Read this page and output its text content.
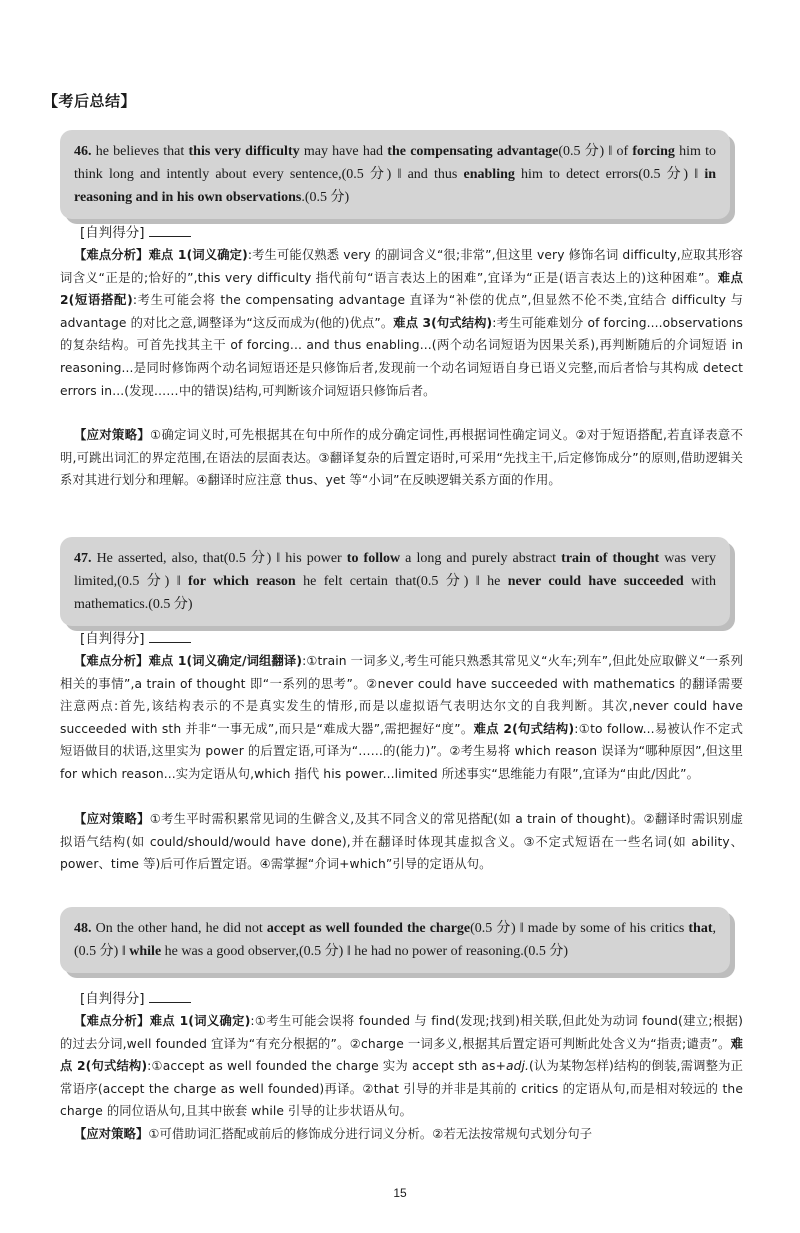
【考后总结】
46. he believes that this very difficulty may have had the compensating advantage(0.5 分) ‖ of forcing him to think long and intently about every sentence,(0.5 分) ‖ and thus enabling him to detect errors(0.5 分) ‖ in reasoning and in his own observations.(0.5 分)
[自判得分]
【难点分析】难点 1(词义确定):考生可能仅熟悉 very 的副词含义“很;非常”,但这里 very 修饰名词 difficulty,应取其形容词含义“正是的;恰好的”,this very difficulty 指代前句“语言表达上的困难”,宜译为“正是(语言表达上的)这种困难”。难点 2(短语搭配):考生可能会将 the compensating advantage 直译为“补偿的优点”,但显然不伦不类,宜结合 difficulty 与 advantage 的对比之意,调整译为“这反而成为(他的)优点”。难点 3(句式结构):考生可能难划分 of forcing....observations 的复杂结构。可首先找其主干 of forcing... and thus enabling...(两个动名词短语为因果关系),再判断随后的介词短语 in reasoning...是同时修饰两个动名词短语还是只修饰后者,发现前一个动名词短语自身已语义完整,而后者恰与其构成 detect errors in...(发现……中的错误)结构,可判断该介词短语只修饰后者。
【应对策略】①确定词义时,可先根据其在句中所作的成分确定词性,再根据词性确定词义。②对于短语搭配,若直译表意不明,可跳出词汇的界定范围,在语法的层面表达。③翻译复杂的后置定语时,可采用“先找主干,后定修饰成分”的原则,借助逻辑关系对其进行划分和理解。④翻译时应注意 thus、yet 等“小词”在反映逻辑关系方面的作用。
47. He asserted, also, that(0.5 分) ‖ his power to follow a long and purely abstract train of thought was very limited,(0.5 分) ‖ for which reason he felt certain that(0.5 分) ‖ he never could have succeeded with mathematics.(0.5 分)
[自判得分]
【难点分析】难点 1(词义确定/词组翻译):①train 一词多义,考生可能只熟悉其常见义“火车;列车”,但此处应取僻义“一系列相关的事情”,a train of thought 即“一系列的思考”。②never could have succeeded with mathematics 的翻译需要注意两点:首先,该结构表示的不是真实发生的情形,而是以虚拟语气表明达尔文的自我判断。其次,never could have succeeded with sth 并非“一事无成”,而只是“难成大器”,需把握好“度”。难点 2(句式结构):①to follow...易被认作不定式短语做目的状语,这里实为 power 的后置定语,可译为“……的(能力)”。②考生易将 which reason 误译为“哪种原因”,但这里 for which reason...实为定语从句,which 指代 his power...limited 所述事实“思维能力有限”,宜译为“由此/因此”。
【应对策略】①考生平时需积累常见词的生僻含义,及其不同含义的常见搭配(如 a train of thought)。②翻译时需识别虚拟语气结构(如 could/should/would have done),并在翻译时体现其虚拟含义。③不定式短语在一些名词(如 ability、power、time 等)后可作后置定语。④需掌握“介词+which”引导的定语从句。
48. On the other hand, he did not accept as well founded the charge(0.5 分) ‖ made by some of his critics that,(0.5 分) ‖ while he was a good observer,(0.5 分) ‖ he had no power of reasoning.(0.5 分)
[自判得分]
【难点分析】难点 1(词义确定):①考生可能会误将 founded 与 find(发现;找到)相关联,但此处为动词 found(建立;根据)的过去分词,well founded 宜译为“有充分根据的”。②charge 一词多义,根据其后置定语可判断此处含义为“指责;谴责”。难点 2(句式结构):①accept as well founded the charge 实为 accept sth as+adj.(认为某物怎样)结构的倒装,需调整为正常语序(accept the charge as well founded)再译。②that 引导的并非是其前的 critics 的定语从句,而是相对较远的 the charge 的同位语从句,且其中嵌套 while 引导的让步状语从句。
【应对策略】①可借助词汇搭配或前后的修饰成分进行词义分析。②若无法按常规句式划分句子
15
